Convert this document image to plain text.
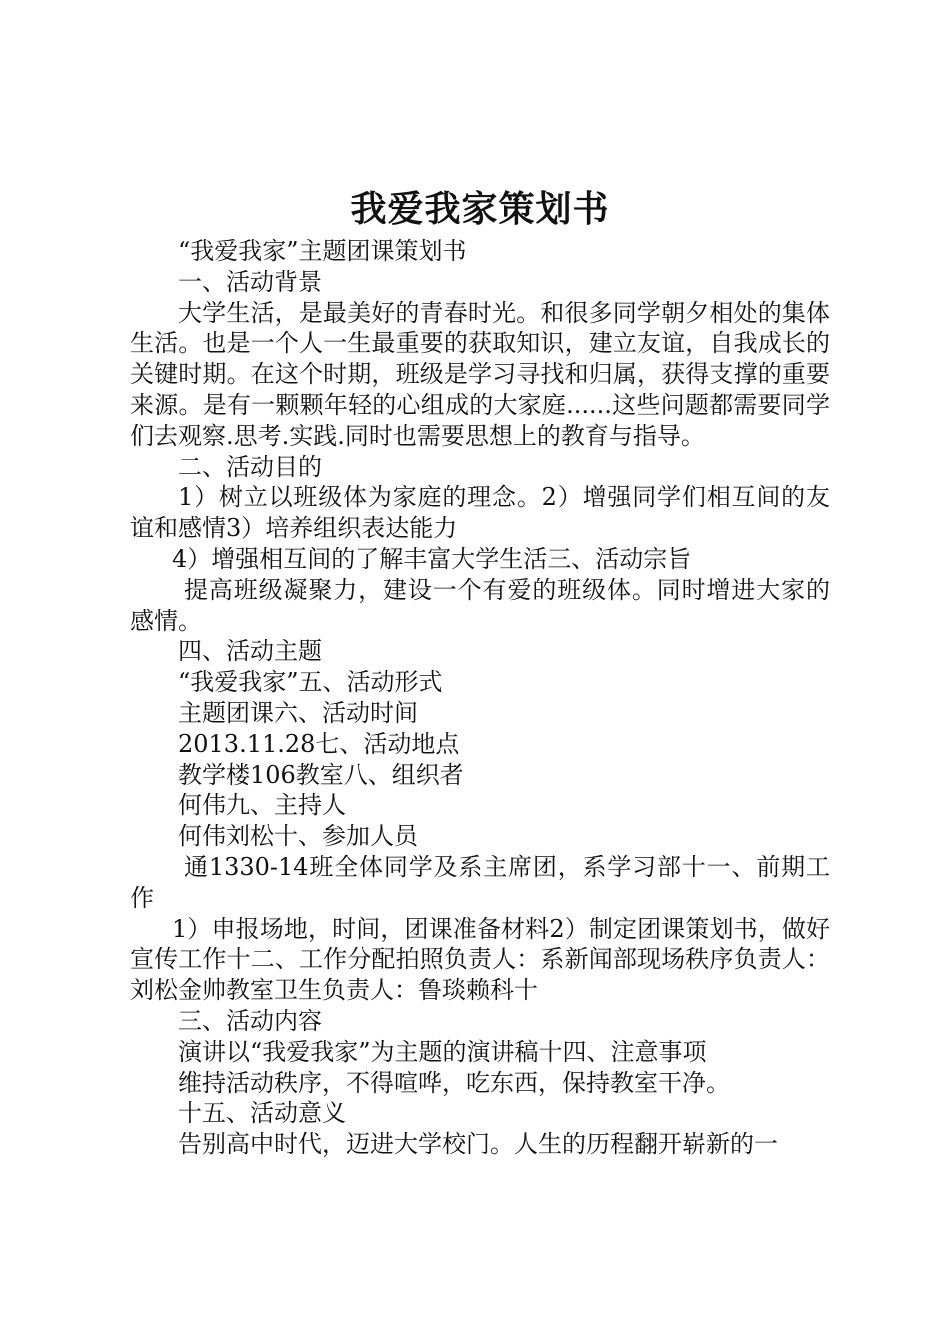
我爱我家策划书

“我爱我家”主题团课策划书

一、活动背景

大学生活，是最美好的青春时光。和很多同学朝夕相处的集体生活。也是一个人一生最重要的获取知识，建立友谊，自我成长的关键时期。在这个时期，班级是学习寻找和归属，获得支撑的重要来源。是有一颗颗年轻的心组成的大家庭......这些问题都需要同学们去观察.思考.实践.同时也需要思想上的教育与指导。

二、活动目的

1）树立以班级体为家庭的理念。2）增强同学们相互间的友谊和感情3）培养组织表达能力

4）增强相互间的了解丰富大学生活三、活动宗旨

提高班级凝聚力，建设一个有爱的班级体。同时增进大家的感情。

四、活动主题

“我爱我家”五、活动形式

主题团课六、活动时间

2013.11.28七、活动地点

教学楼106教室八、组织者

何伟九、主持人

何伟刘松十、参加人员

通1330-14班全体同学及系主席团，系学习部十一、前期工作

1）申报场地，时间，团课准备材料2）制定团课策划书，做好宣传工作十二、工作分配拍照负责人：系新闻部现场秩序负责人：刘松金帅教室卫生负责人：鲁琰赖科十

三、活动内容

演讲以“我爱我家”为主题的演讲稿十四、注意事项

维持活动秩序，不得喧哗，吃东西，保持教室干净。

十五、活动意义

告别高中时代，迈进大学校门。人生的历程翻开崭新的一
